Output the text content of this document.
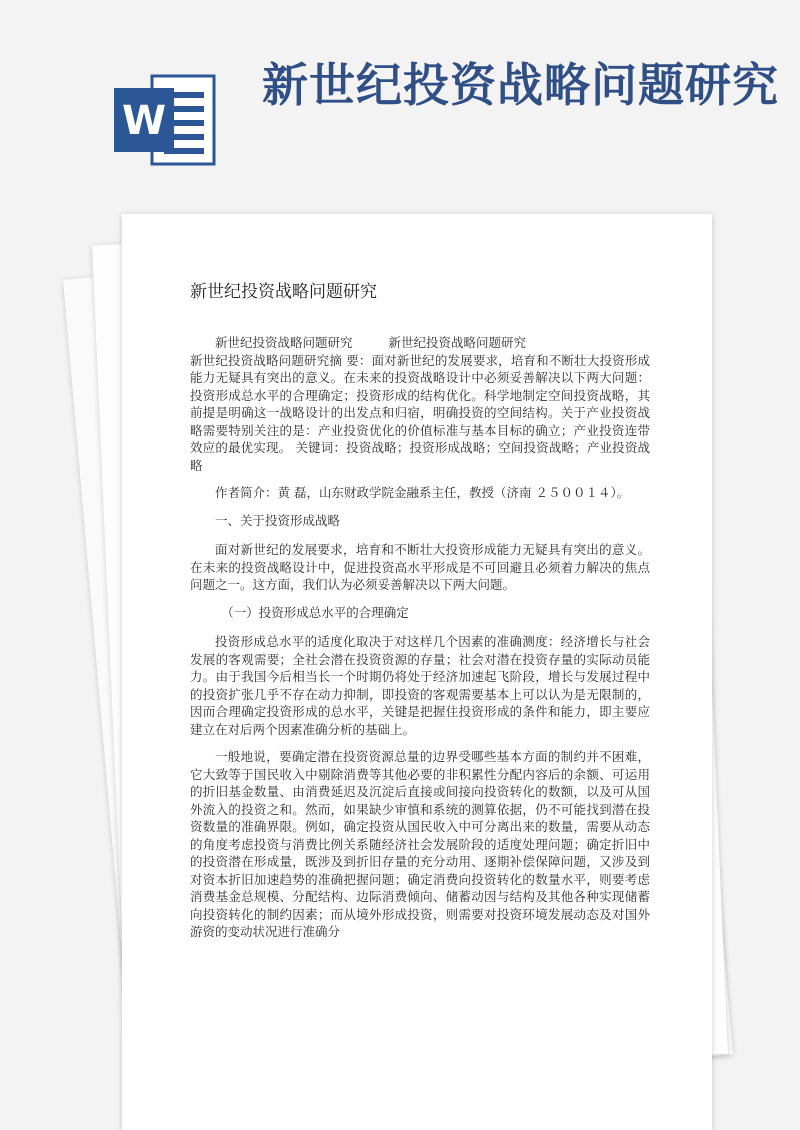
W
新世纪投资战略问题研究
新世纪投资战略问题研究

新世纪投资战略问题研究	新世纪投资战略问题研究

新世纪投资战略问题研究摘 要：面对新世纪的发展要求，培育和不断壮大投资形成能力无疑具有突出的意义。在未来的投资战略设计中必须妥善解决以下两大问题：投资形成总水平的合理确定；投资形成的结构优化。科学地制定空间投资战略，其前提是明确这一战略设计的出发点和归宿，明确投资的空间结构。关于产业投资战略需要特别关注的是：产业投资优化的价值标准与基本目标的确立；产业投资连带效应的最优实现。 关键词：投资战略；投资形成战略；空间投资战略；产业投资战略

作者简介：黄 磊，山东财政学院金融系主任，教授（济南 ２５００１４）。

一、关于投资形成战略

面对新世纪的发展要求，培育和不断壮大投资形成能力无疑具有突出的意义。在未来的投资战略设计中，促进投资高水平形成是不可回避且必须着力解决的焦点问题之一。这方面，我们认为必须妥善解决以下两大问题。

（一）投资形成总水平的合理确定

投资形成总水平的适度化取决于对这样几个因素的准确测度：经济增长与社会发展的客观需要；全社会潜在投资资源的存量；社会对潜在投资存量的实际动员能力。由于我国今后相当长一个时期仍将处于经济加速起飞阶段，增长与发展过程中的投资扩张几乎不存在动力抑制，即投资的客观需要基本上可以认为是无限制的，因而合理确定投资形成的总水平，关键是把握住投资形成的条件和能力，即主要应建立在对后两个因素准确分析的基础上。

一般地说，要确定潜在投资资源总量的边界受哪些基本方面的制约并不困难，它大致等于国民收入中剔除消费等其他必要的非积累性分配内容后的余额、可运用的折旧基金数量、由消费延迟及沉淀后直接或间接向投资转化的数额，以及可从国外流入的投资之和。然而，如果缺少审慎和系统的测算依据，仍不可能找到潜在投资数量的准确界限。例如，确定投资从国民收入中可分离出来的数量，需要从动态的角度考虑投资与消费比例关系随经济社会发展阶段的适度处理问题；确定折旧中的投资潜在形成量，既涉及到折旧存量的充分动用、逐期补偿保障问题，又涉及到对资本折旧加速趋势的准确把握问题；确定消费向投资转化的数量水平，则要考虑消费基金总规模、分配结构、边际消费倾向、储蓄动因与结构及其他各种实现储蓄向投资转化的制约因素；而从境外形成投资，则需要对投资环境发展动态及对国外游资的变动状况进行准确分
